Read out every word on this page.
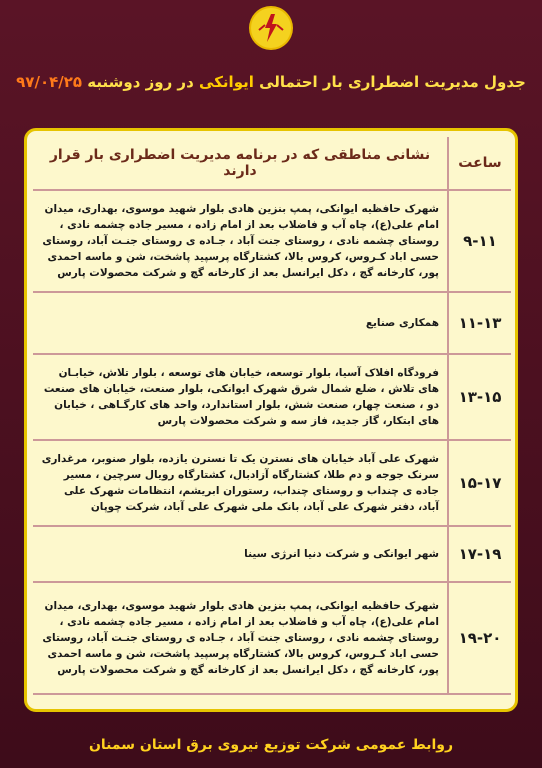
جدول مدیریت اضطراری بار احتمالی ایوانکی در روز دوشنبه ۹۷/۰۴/۲۵
ساعت	نشانی مناطقی که در برنامه مدیریت اضطراری بار قرار دارند
۹-۱۱	شهرک حافظیه ایوانکی، پمپ بنزین هادی بلوار شهید موسوی، بهداری، میدان امام علی(ع)، چاه آب و فاضلاب بعد از امام زاده ، مسیر جاده چشمه نادی ، روستای چشمه نادی ، روستای جنت آباد ، جـاده ی روستای جنـت آباد، روستای حسی اباد کـروس، کروس بالا، کشتارگاه پرسپید پاشخت، شن و ماسه احمدی پور، کارخانه گچ ، دکل ایرانسل بعد از کارخانه گچ و شرکت محصولات پارس
۱۱-۱۳	همکاری صنایع
۱۳-۱۵	فرودگاه افلاک آسیا، بلوار توسعه، خیابان های توسعه ، بلوار تلاش، خیابـان های تلاش ، ضلع شمال شرق شهرک ایوانکی، بلوار صنعت، خیابان های صنعت دو ، صنعت چهار، صنعت شش، بلوار استاندارد، واحد های کارگـاهی ، خیابان های ابتکار، گاز جدید، فاز سه و شرکت محصولات پارس
۱۵-۱۷	شهرک علی آباد خیابان های نسترن یک تا نسترن یازده، بلوار صنوبر، مرغداری سرنک جوجه و دم طلا، کشتارگاه آزادبال، کشتارگاه رویال سرچین ، مسیر جاده ی چنداب و روستای چنداب، رستوران ابریشم، انتظامات شهرک علی آباد، دفتر شهرک علی آباد، بانک ملی شهرک علی آباد، شرکت چوپان
۱۷-۱۹	شهر ایوانکی و شرکت دنیا انرژی سینا
۱۹-۲۰	شهرک حافظیه ایوانکی، پمپ بنزین هادی بلوار شهید موسوی، بهداری، میدان امام علی(ع)، چاه آب و فاضلاب بعد از امام زاده ، مسیر جاده چشمه نادی ، روستای چشمه نادی ، روستای جنت آباد ، جـاده ی روستای جنـت آباد، روستای حسی اباد کـروس، کروس بالا، کشتارگاه پرسپید پاشخت، شن و ماسه احمدی پور، کارخانه گچ ، دکل ایرانسل بعد از کارخانه گچ و شرکت محصولات پارس
روابط عمومی شرکت توزیع نیروی برق استان سمنان
